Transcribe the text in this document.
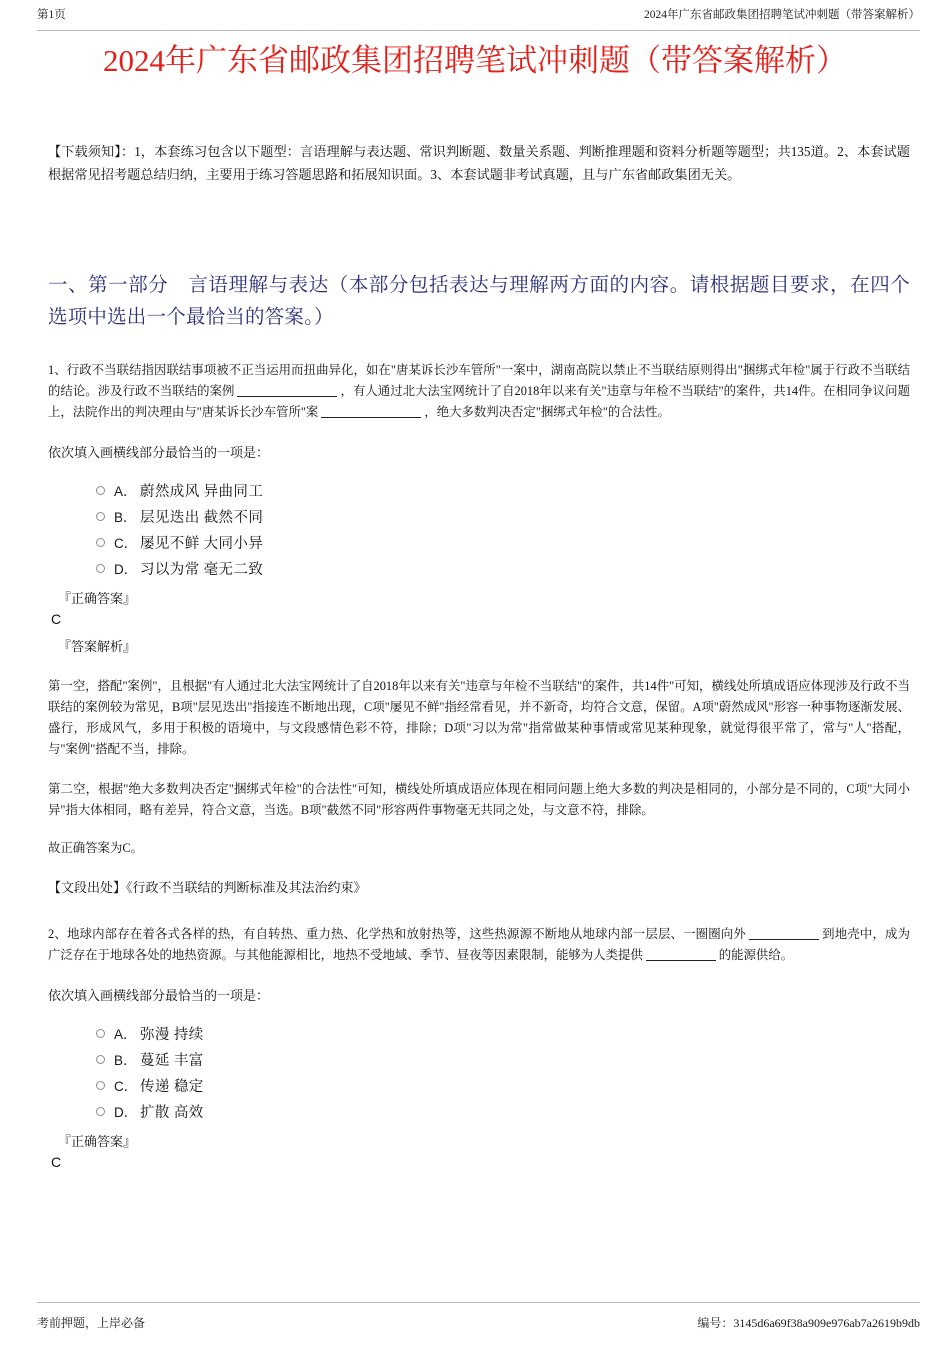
第1页	2024年广东省邮政集团招聘笔试冲刺题（带答案解析）
2024年广东省邮政集团招聘笔试冲刺题（带答案解析）

【下载须知】：1，本套练习包含以下题型：言语理解与表达题、常识判断题、数量关系题、判断推理题和资料分析题等题型；共135道。2、本套试题根据常见招考题总结归纳，主要用于练习答题思路和拓展知识面。3、本套试题非考试真题，且与广东省邮政集团无关。

一、第一部分　言语理解与表达（本部分包括表达与理解两方面的内容。请根据题目要求，在四个选项中选出一个最恰当的答案。）
1、行政不当联结指因联结事项被不正当运用而扭曲异化，如在"唐某诉长沙车管所"一案中，湖南高院以禁止不当联结原则得出"捆绑式年检"属于行政不当联结的结论。涉及行政不当联结的案例	，有人通过北大法宝网统计了自2018年以来有关"违章与年检不当联结"的案件，共14件。在相同争议问题上，法院作出的判决理由与"唐某诉长沙车管所"案	，绝大多数判决否定"捆绑式年检"的合法性。
依次填入画横线部分最恰当的一项是：
A． 蔚然成风 异曲同工
B． 层见迭出 截然不同
C． 屡见不鲜 大同小异
D． 习以为常 毫无二致
『正确答案』
C
『答案解析』

第一空，搭配"案例"，且根据"有人通过北大法宝网统计了自2018年以来有关"违章与年检不当联结"的案件，共14件"可知，横线处所填成语应体现涉及行政不当联结的案例较为常见，B项"层见迭出"指接连不断地出现，C项"屡见不鲜"指经常看见，并不新奇，均符合文意，保留。A项"蔚然成风"形容一种事物逐渐发展、盛行，形成风气，多用于积极的语境中，与文段感情色彩不符，排除；D项"习以为常"指常做某种事情或常见某种现象，就觉得很平常了，常与"人"搭配，与"案例"搭配不当，排除。

第二空，根据"绝大多数判决否定"捆绑式年检"的合法性"可知，横线处所填成语应体现在相同问题上绝大多数的判决是相同的，小部分是不同的，C项"大同小异"指大体相同，略有差异，符合文意，当选。B项"截然不同"形容两件事物毫无共同之处，与文意不符，排除。

故正确答案为C。

【文段出处】《行政不当联结的判断标准及其法治约束》
2、地球内部存在着各式各样的热，有自转热、重力热、化学热和放射热等，这些热源源不断地从地球内部一层层、一圈圈向外	到地壳中，成为广泛存在于地球各处的地热资源。与其他能源相比，地热不受地域、季节、昼夜等因素限制，能够为人类提供	的能源供给。
依次填入画横线部分最恰当的一项是：
A． 弥漫 持续
B． 蔓延 丰富
C． 传递 稳定
D． 扩散 高效
『正确答案』
C
考前押题，上岸必备	编号：3145d6a69f38a909e976ab7a2619b9db
